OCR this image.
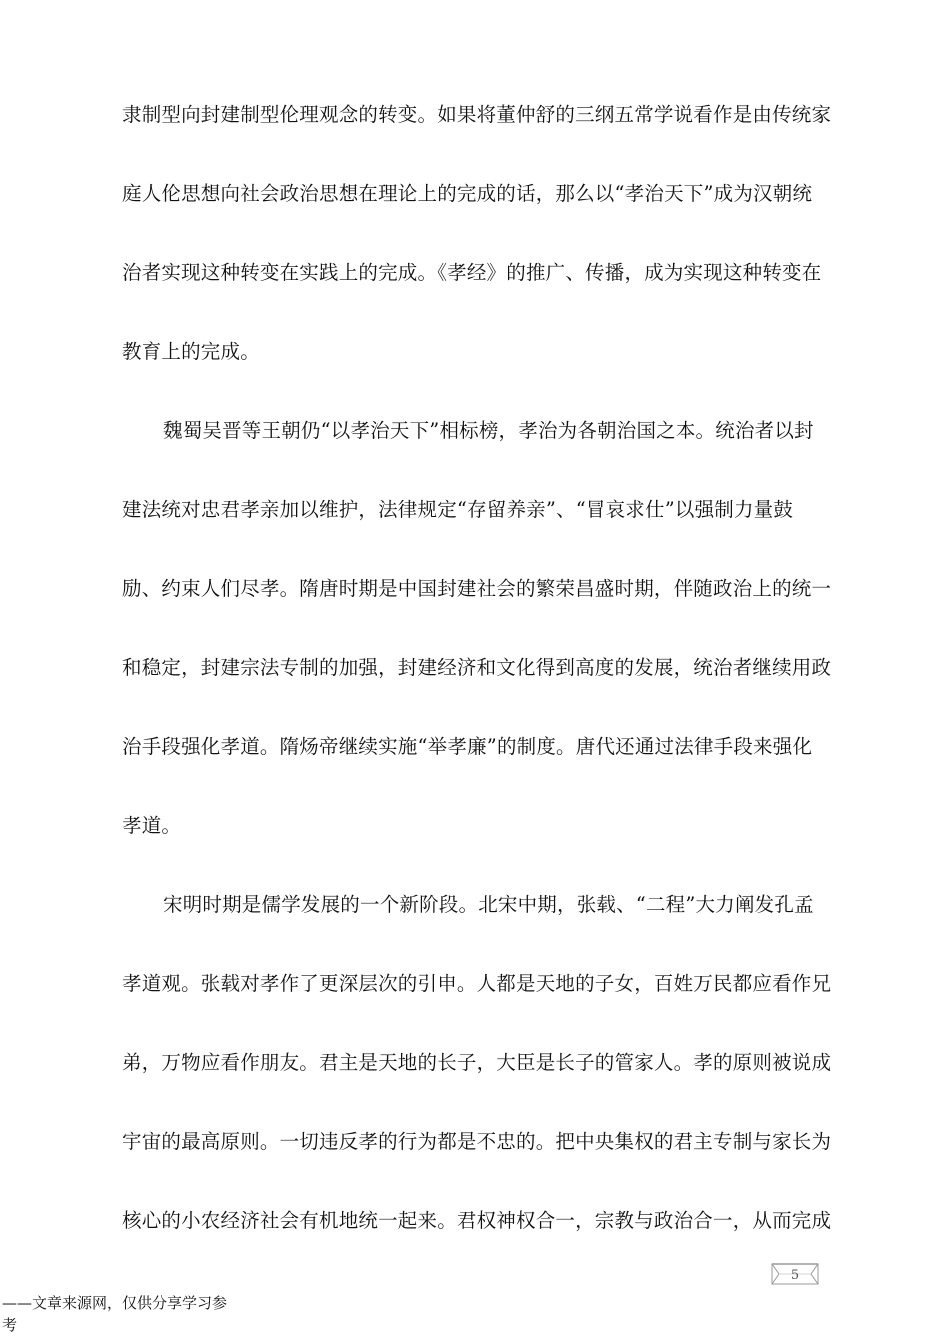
隶制型向封建制型伦理观念的转变。如果将董仲舒的三纲五常学说看作是由传统家
庭人伦思想向社会政治思想在理论上的完成的话，那么以“孝治天下”成为汉朝统
治者实现这种转变在实践上的完成。《孝经》的推广、传播，成为实现这种转变在
教育上的完成。
魏蜀吴晋等王朝仍“以孝治天下”相标榜，孝治为各朝治国之本。统治者以封
建法统对忠君孝亲加以维护，法律规定“存留养亲”、“冒哀求仕”以强制力量鼓
励、约束人们尽孝。隋唐时期是中国封建社会的繁荣昌盛时期，伴随政治上的统一
和稳定，封建宗法专制的加强，封建经济和文化得到高度的发展，统治者继续用政
治手段强化孝道。隋炀帝继续实施“举孝廉”的制度。唐代还通过法律手段来强化
孝道。
宋明时期是儒学发展的一个新阶段。北宋中期，张载、“二程”大力阐发孔孟
孝道观。张载对孝作了更深层次的引申。人都是天地的子女，百姓万民都应看作兄
弟，万物应看作朋友。君主是天地的长子，大臣是长子的管家人。孝的原则被说成
宇宙的最高原则。一切违反孝的行为都是不忠的。把中央集权的君主专制与家长为
核心的小农经济社会有机地统一起来。君权神权合一，宗教与政治合一，从而完成
5
——文章来源网，仅供分享学习参
考
